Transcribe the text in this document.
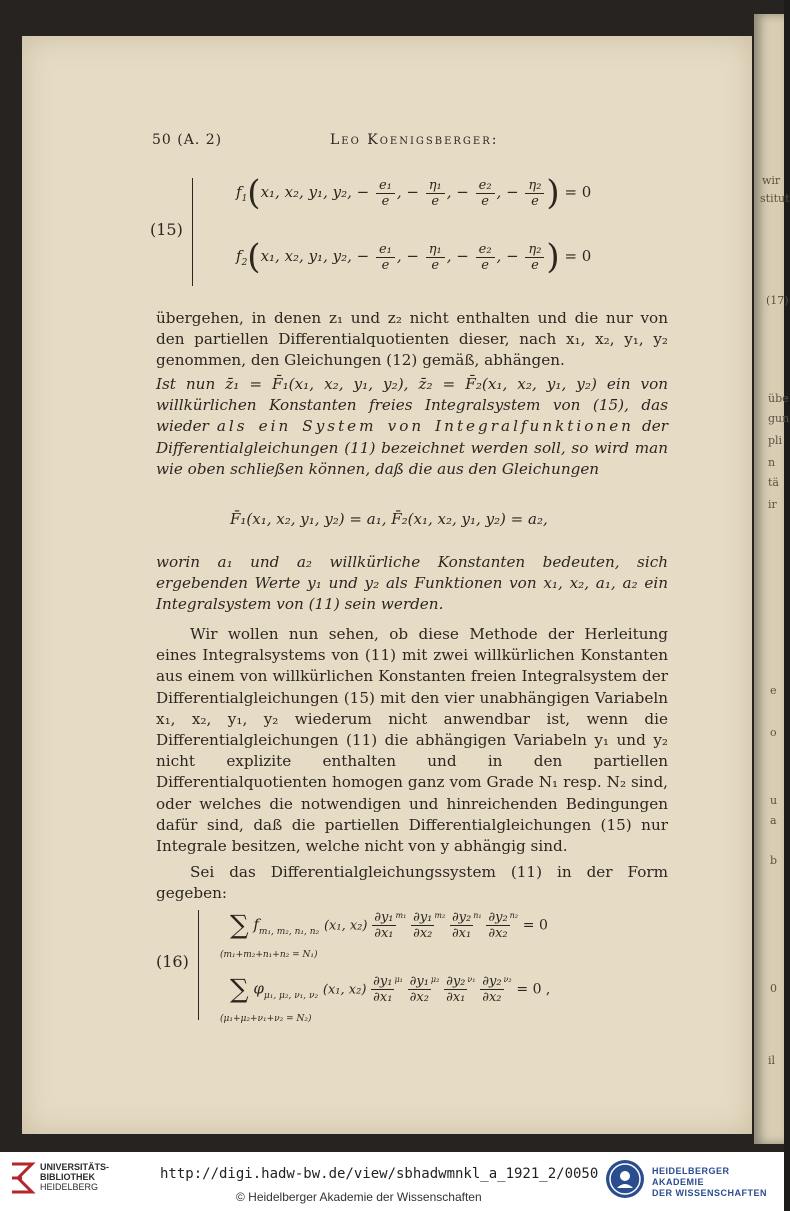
wir
stitut
(17)
übe
gun
pli
n
tä
ir
e
o
u
a
b
0
il
50 (A. 2)	Leo Koenigsberger:
(15)
$f_1(x_1$, x₂, y₁, y₂, − $\frac{\text{e₁}}{e}$ , − $\frac{\text{η₁}}{e}$ , − $\frac{\text{e₂}}{e}$ , − $\frac{\text{η₂}}{e}$ ) = 0
$f_2(x_1$, x₂, y₁, y₂, − $\frac{\text{e₁}}{e}$ , − $\frac{\text{η₁}}{e}$ , − $\frac{\text{e₂}}{e}$ , − $\frac{\text{η₂}}{e}$ ) = 0
übergehen, in denen z₁ und z₂ nicht enthalten und die nur von den partiellen Differentialquotienten dieser, nach x₁, x₂, y₁, y₂ genommen, den Gleichungen (12) gemäß, abhängen.
Ist nun z̄₁ = F̄₁(x₁, x₂, y₁, y₂), z̄₂ = F̄₂(x₁, x₂, y₁, y₂) ein von willkürlichen Konstanten freies Integralsystem von (15), das wieder als ein System von Integralfunktionen der Differentialgleichungen (11) bezeichnet werden soll, so wird man wie oben schließen können, daß die aus den Gleichungen
F̄₁(x₁, x₂, y₁, y₂) = a₁, F̄₂(x₁, x₂, y₁, y₂) = a₂,
worin a₁ und a₂ willkürliche Konstanten bedeuten, sich ergebenden Werte y₁ und y₂ als Funktionen von x₁, x₂, a₁, a₂ ein Integralsystem von (11) sein werden.
Wir wollen nun sehen, ob diese Methode der Herleitung eines Integralsystems von (11) mit zwei willkürlichen Konstanten aus einem von willkürlichen Konstanten freien Integralsystem der Differentialgleichungen (15) mit den vier unabhängigen Variabeln x₁, x₂, y₁, y₂ wiederum nicht anwendbar ist, wenn die Differentialgleichungen (11) die abhängigen Variabeln y₁ und y₂ nicht explizite enthalten und in den partiellen Differentialquotienten homogen ganz vom Grade N₁ resp. N₂ sind, oder welches die notwendigen und hinreichenden Bedingungen dafür sind, daß die partiellen Differentialgleichungen (15) nur Integrale besitzen, welche nicht von y abhängig sind.
Sei das Differentialgleichungssystem (11) in der Form gegeben:
(16)
∑ $f_{m_1, m_2, n_1, n_2}$ (x₁, $x_2) \frac{\text{∂y₁}}{\text{∂x₁}}^{m_1} \frac{\text{∂y₁}}{\text{∂x₂}}^{m_2} \frac{\text{∂y₂}}{\text{∂x₁}}^{n_1} \frac{\text{∂y₂}}{\text{∂x₂}}^{n_2} = 0$
(m₁+m₂+n₁+n₂ = N₁)
∑ $\varphi_{\mu_1, \mu_2, \nu_1, \nu_2}$ (x₁, $x_2) \frac{\text{∂y₁}}{\text{∂x₁}}^{\mu_1} \frac{\text{∂y₁}}{\text{∂x₂}}^{\mu_2} \frac{\text{∂y₂}}{\text{∂x₁}}^{\nu_1} \frac{\text{∂y₂}}{\text{∂x₂}}^{\nu_2} = 0$ ,
(μ₁+μ₂+ν₁+ν₂ = N₂)
UNIVERSITÄTS-
BIBLIOTHEK
HEIDELBERG
http://digi.hadw-bw.de/view/sbhadwmnkl_a_1921_2/0050
© Heidelberger Akademie der Wissenschaften
HEIDELBERGER AKADEMIE
DER WISSENSCHAFTEN
